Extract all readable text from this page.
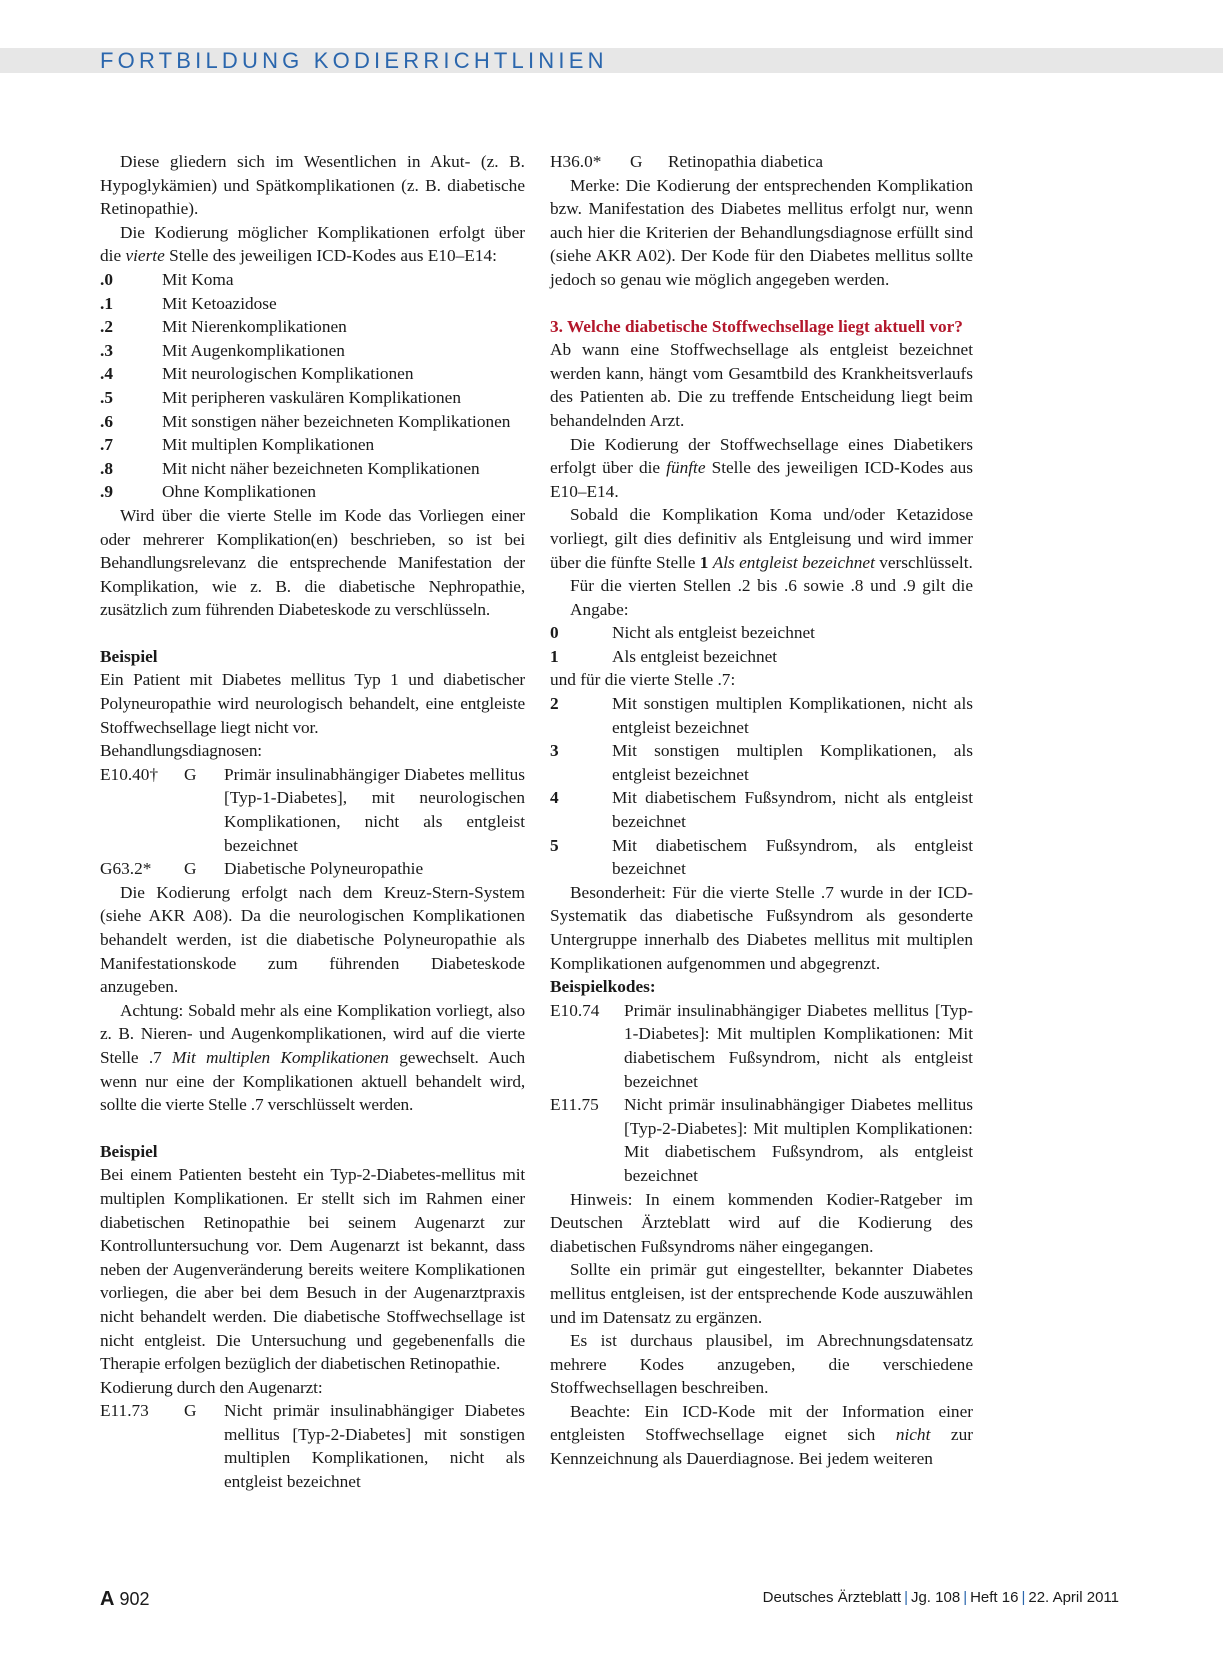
FORTBILDUNG KODIERRICHTLINIEN

Diese gliedern sich im Wesentlichen in Akut- (z. B. Hypoglykämien) und Spätkomplikationen (z. B. diabetische Retinopathie).

Die Kodierung möglicher Komplikationen erfolgt über die vierte Stelle des jeweiligen ICD-Kodes aus E10–E14:

.0	Mit Koma
.1	Mit Ketoazidose
.2	Mit Nierenkomplikationen
.3	Mit Augenkomplikationen
.4	Mit neurologischen Komplikationen
.5	Mit peripheren vaskulären Komplikationen
.6	Mit sonstigen näher bezeichneten Komplikationen
.7	Mit multiplen Komplikationen
.8	Mit nicht näher bezeichneten Komplikationen
.9	Ohne Komplikationen

Wird über die vierte Stelle im Kode das Vorliegen einer oder mehrerer Komplikation(en) beschrieben, so ist bei Behandlungsrelevanz die entsprechende Manifestation der Komplikation, wie z. B. die diabetische Nephropathie, zusätzlich zum führenden Diabeteskode zu verschlüsseln.

Beispiel

Ein Patient mit Diabetes mellitus Typ 1 und diabetischer Polyneuropathie wird neurologisch behandelt, eine entgleiste Stoffwechsellage liegt nicht vor.

Behandlungsdiagnosen:

E10.40†	G	Primär insulinabhängiger Diabetes mellitus [Typ-1-Diabetes], mit neurologischen Komplikationen, nicht als entgleist bezeichnet
G63.2*	G	Diabetische Polyneuropathie

Die Kodierung erfolgt nach dem Kreuz-Stern-System (siehe AKR A08). Da die neurologischen Komplikationen behandelt werden, ist die diabetische Polyneuropathie als Manifestationskode zum führenden Diabeteskode anzugeben.

Achtung: Sobald mehr als eine Komplikation vorliegt, also z. B. Nieren- und Augenkomplikationen, wird auf die vierte Stelle .7 Mit multiplen Komplikationen gewechselt. Auch wenn nur eine der Komplikationen aktuell behandelt wird, sollte die vierte Stelle .7 verschlüsselt werden.

Beispiel

Bei einem Patienten besteht ein Typ-2-Diabetes-mellitus mit multiplen Komplikationen. Er stellt sich im Rahmen einer diabetischen Retinopathie bei seinem Augenarzt zur Kontrolluntersuchung vor. Dem Augenarzt ist bekannt, dass neben der Augenveränderung bereits weitere Komplikationen vorliegen, die aber bei dem Besuch in der Augenarztpraxis nicht behandelt werden. Die diabetische Stoffwechsellage ist nicht entgleist. Die Untersuchung und gegebenenfalls die Therapie erfolgen bezüglich der diabetischen Retinopathie.

Kodierung durch den Augenarzt:

E11.73	G	Nicht primär insulinabhängiger Diabetes mellitus [Typ-2-Diabetes] mit sonstigen multiplen Komplikationen, nicht als entgleist bezeichnet
H36.0*	G	Retinopathia diabetica

Merke: Die Kodierung der entsprechenden Komplikation bzw. Manifestation des Diabetes mellitus erfolgt nur, wenn auch hier die Kriterien der Behandlungsdiagnose erfüllt sind (siehe AKR A02). Der Kode für den Diabetes mellitus sollte jedoch so genau wie möglich angegeben werden.

3. Welche diabetische Stoffwechsellage liegt aktuell vor?

Ab wann eine Stoffwechsellage als entgleist bezeichnet werden kann, hängt vom Gesamtbild des Krankheitsverlaufs des Patienten ab. Die zu treffende Entscheidung liegt beim behandelnden Arzt.

Die Kodierung der Stoffwechsellage eines Diabetikers erfolgt über die fünfte Stelle des jeweiligen ICD-Kodes aus E10–E14.

Sobald die Komplikation Koma und/oder Ketazidose vorliegt, gilt dies definitiv als Entgleisung und wird immer über die fünfte Stelle 1 Als entgleist bezeichnet verschlüsselt.

Für die vierten Stellen .2 bis .6 sowie .8 und .9 gilt die Angabe:

0	Nicht als entgleist bezeichnet
1	Als entgleist bezeichnet

und für die vierte Stelle .7:

2	Mit sonstigen multiplen Komplikationen, nicht als entgleist bezeichnet
3	Mit sonstigen multiplen Komplikationen, als entgleist bezeichnet
4	Mit diabetischem Fußsyndrom, nicht als entgleist bezeichnet
5	Mit diabetischem Fußsyndrom, als entgleist bezeichnet

Besonderheit: Für die vierte Stelle .7 wurde in der ICD-Systematik das diabetische Fußsyndrom als gesonderte Untergruppe innerhalb des Diabetes mellitus mit multiplen Komplikationen aufgenommen und abgegrenzt.

Beispielkodes:

E10.74	Primär insulinabhängiger Diabetes mellitus [Typ-1-Diabetes]: Mit multiplen Komplikationen: Mit diabetischem Fußsyndrom, nicht als entgleist bezeichnet
E11.75	Nicht primär insulinabhängiger Diabetes mellitus [Typ-2-Diabetes]: Mit multiplen Komplikationen: Mit diabetischem Fußsyndrom, als entgleist bezeichnet

Hinweis: In einem kommenden Kodier-Ratgeber im Deutschen Ärzteblatt wird auf die Kodierung des diabetischen Fußsyndroms näher eingegangen.

Sollte ein primär gut eingestellter, bekannter Diabetes mellitus entgleisen, ist der entsprechende Kode auszuwählen und im Datensatz zu ergänzen.

Es ist durchaus plausibel, im Abrechnungsdatensatz mehrere Kodes anzugeben, die verschiedene Stoffwechsellagen beschreiben.

Beachte: Ein ICD-Kode mit der Information einer entgleisten Stoffwechsellage eignet sich nicht zur Kennzeichnung als Dauerdiagnose. Bei jedem weiteren

A 902	Deutsches Ärzteblatt | Jg. 108 | Heft 16 | 22. April 2011
